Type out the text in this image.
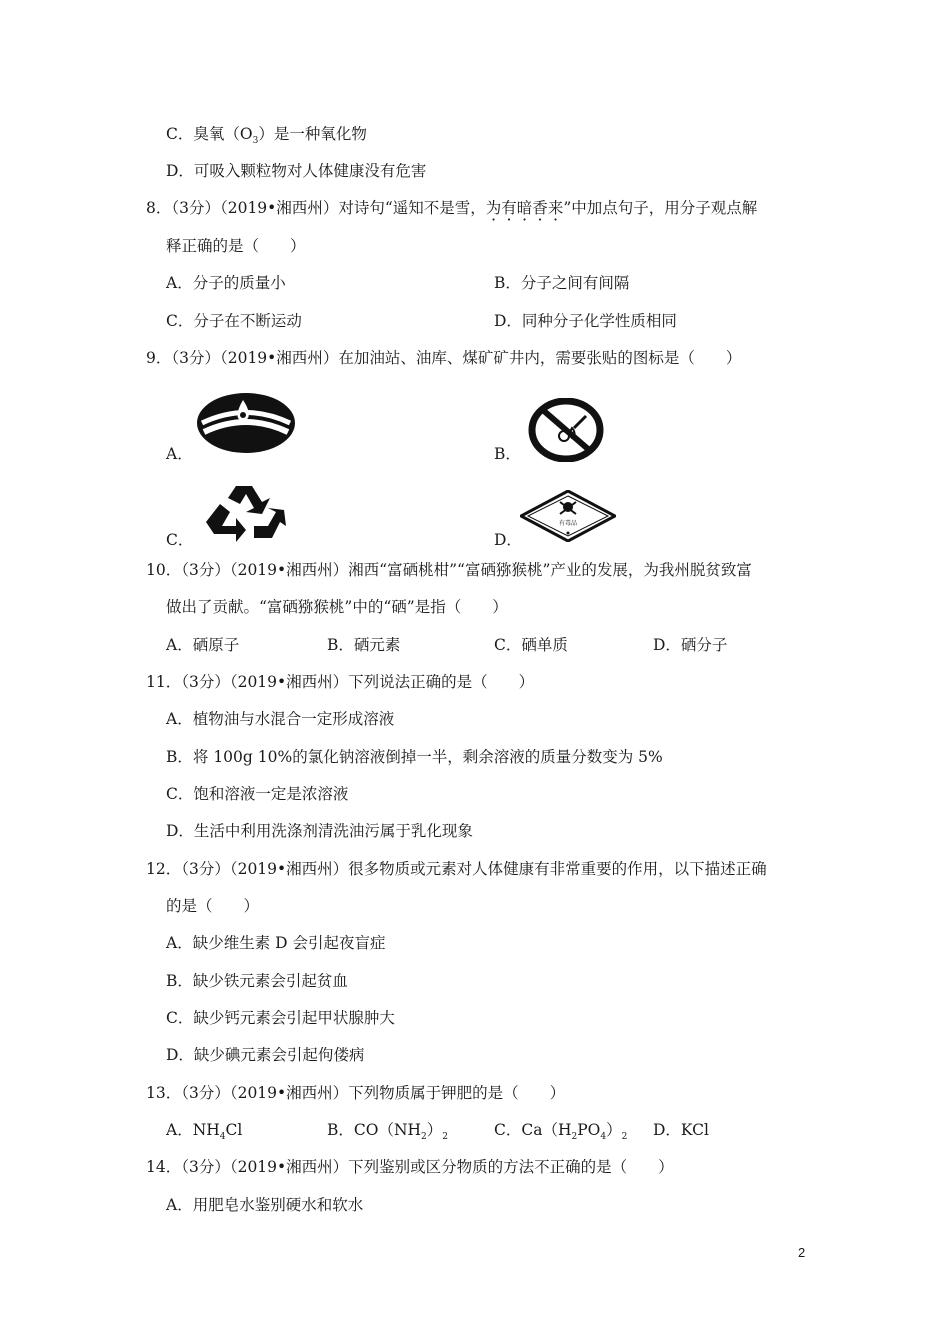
C．臭氧$(O_3)$是一种氧化物
D．可吸入颗粒物对人体健康没有危害
8．（3分）（2019•湘西州）对诗句“遥知不是雪，为有暗香来”中加点句子，用分子观点解
释正确的是（　　）
A．分子的质量小	B．分子之间有间隔
C．分子在不断运动	D．同种分子化学性质相同
9．（3分）（2019•湘西州）在加油站、油库、煤矿矿井内，需要张贴的图标是（　　）
A．	B．
C．	D．
有毒品
10．（3分）（2019•湘西州）湘西“富硒桃柑”“富硒猕猴桃”产业的发展，为我州脱贫致富
做出了贡献。“富硒猕猴桃”中的“硒”是指（　　）
A．硒原子	B．硒元素	C．硒单质	D．硒分子
11．（3分）（2019•湘西州）下列说法正确的是（　　）
A．植物油与水混合一定形成溶液
B．将 100g 10%的氯化钠溶液倒掉一半，剩余溶液的质量分数变为 5%
C．饱和溶液一定是浓溶液
D．生活中利用洗涤剂清洗油污属于乳化现象
12．（3分）（2019•湘西州）很多物质或元素对人体健康有非常重要的作用，以下描述正确
的是（　　）
A．缺少维生素 D 会引起夜盲症
B．缺少铁元素会引起贫血
C．缺少钙元素会引起甲状腺肿大
D．缺少碘元素会引起佝偻病
13．（3分）（2019•湘西州）下列物质属于钾肥的是（　　）
A．$NH_4Cl$	B．$CO(NH_2)_2$	C．$Ca(H_2PO_4)_2$ D．KCl
14．（3分）（2019•湘西州）下列鉴别或区分物质的方法不正确的是（　　）
A．用肥皂水鉴别硬水和软水
2
